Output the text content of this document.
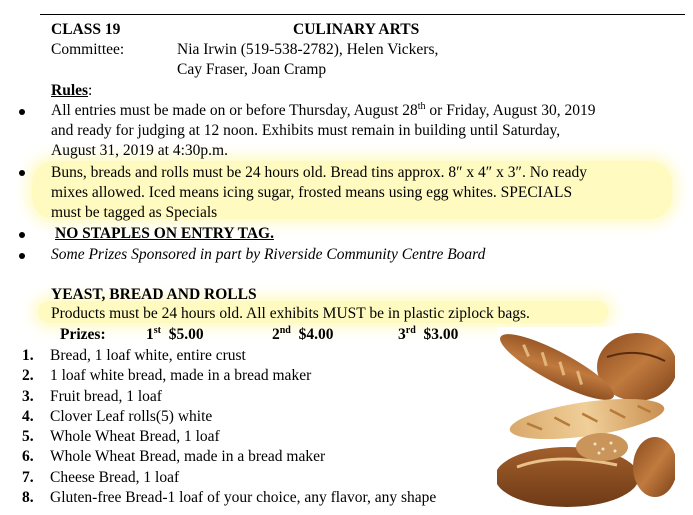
CLASS 19	CULINARY ARTS
Committee:	Nia Irwin (519-538-2782), Helen Vickers,
Cay Fraser, Joan Cramp
Rules:
All entries must be made on or before Thursday, August 28th or Friday, August 30, 2019
and ready for judging at 12 noon. Exhibits must remain in building until Saturday,
August 31, 2019 at 4:30p.m.
Buns, breads and rolls must be 24 hours old. Bread tins approx. 8″ x 4″ x 3″. No ready
mixes allowed. Iced means icing sugar, frosted means using egg whites. SPECIALS
must be tagged as Specials
NO STAPLES ON ENTRY TAG.
Some Prizes Sponsored in part by Riverside Community Centre Board
YEAST, BREAD AND ROLLS
Products must be 24 hours old. All exhibits MUST be in plastic ziplock bags.
Prizes:	1st $5.00	2nd $4.00	3rd $3.00
1. Bread, 1 loaf white, entire crust
2. 1 loaf white bread, made in a bread maker
3. Fruit bread, 1 loaf
4. Clover Leaf rolls(5) white
5. Whole Wheat Bread, 1 loaf
6. Whole Wheat Bread, made in a bread maker
7. Cheese Bread, 1 loaf
8. Gluten-free Bread-1 loaf of your choice, any flavor, any shape
